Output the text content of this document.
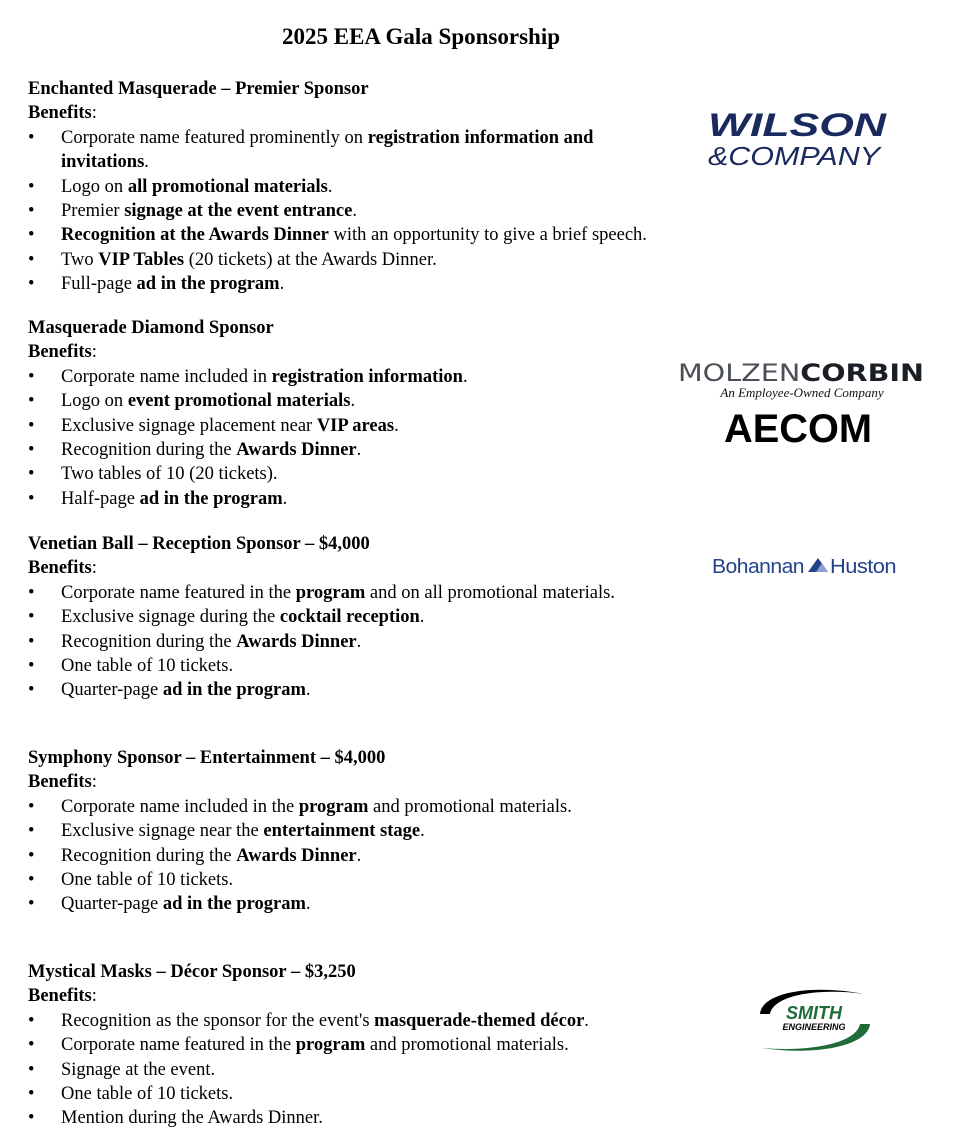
2025 EEA Gala Sponsorship
Enchanted Masquerade – Premier Sponsor
Benefits:
•	Corporate name featured prominently on registration information and invitations.
•	Logo on all promotional materials.
•	Premier signage at the event entrance.
•	Recognition at the Awards Dinner with an opportunity to give a brief speech.
•	Two VIP Tables (20 tickets) at the Awards Dinner.
•	Full-page ad in the program.
Masquerade Diamond Sponsor
Benefits:
•	Corporate name included in registration information.
•	Logo on event promotional materials.
•	Exclusive signage placement near VIP areas.
•	Recognition during the Awards Dinner.
•	Two tables of 10 (20 tickets).
•	Half-page ad in the program.
Venetian Ball – Reception Sponsor – $4,000
Benefits:
•	Corporate name featured in the program and on all promotional materials.
•	Exclusive signage during the cocktail reception.
•	Recognition during the Awards Dinner.
•	One table of 10 tickets.
•	Quarter-page ad in the program.
Symphony Sponsor – Entertainment – $4,000
Benefits:
•	Corporate name included in the program and promotional materials.
•	Exclusive signage near the entertainment stage.
•	Recognition during the Awards Dinner.
•	One table of 10 tickets.
•	Quarter-page ad in the program.
Mystical Masks – Décor Sponsor – $3,250
Benefits:
•	Recognition as the sponsor for the event's masquerade-themed décor.
•	Corporate name featured in the program and promotional materials.
•	Signage at the event.
•	One table of 10 tickets.
•	Mention during the Awards Dinner.
WILSON
&COMPANY
MOLZEN CORBIN
An Employee-Owned Company
AECOM
Bohannan Huston
SMITH
ENGINEERING
